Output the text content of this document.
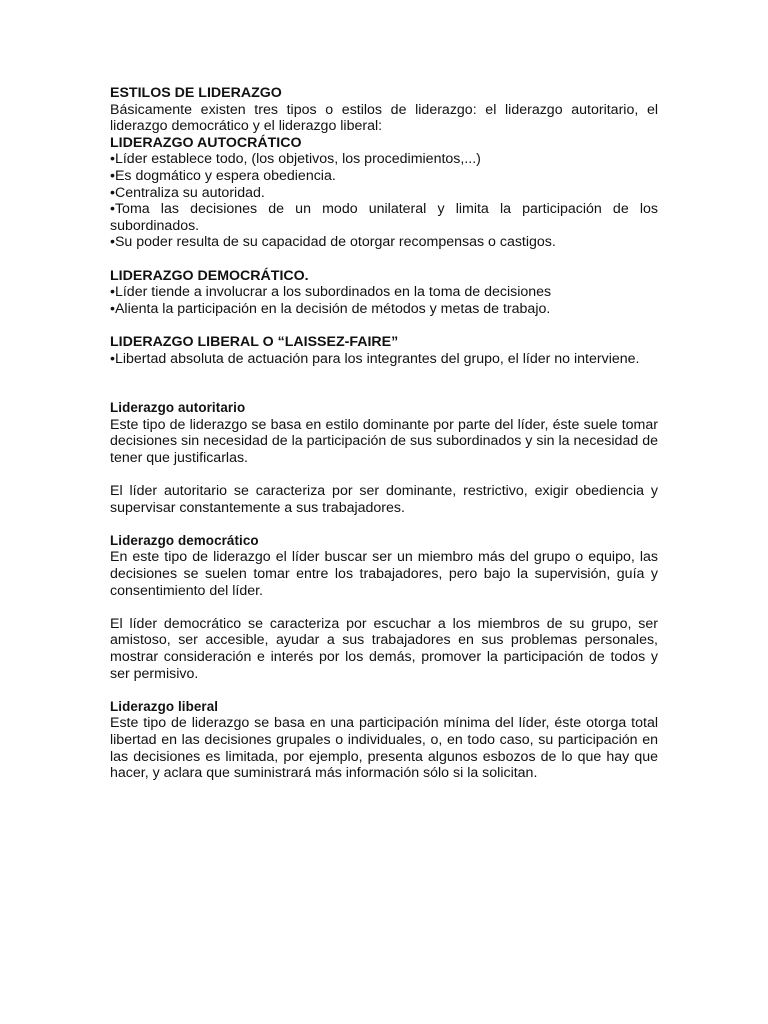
ESTILOS DE LIDERAZGO

Básicamente existen tres tipos o estilos de liderazgo: el liderazgo autoritario, el liderazgo democrático y el liderazgo liberal:

LIDERAZGO AUTOCRÁTICO

•Líder establece todo, (los objetivos, los procedimientos,...)

•Es dogmático y espera obediencia.

•Centraliza su autoridad.

•Toma las decisiones de un modo unilateral y limita la participación de los subordinados.

•Su poder resulta de su capacidad de otorgar recompensas o castigos.

LIDERAZGO DEMOCRÁTICO.

•Líder tiende a involucrar a los subordinados en la toma de decisiones

•Alienta la participación en la decisión de métodos y metas de trabajo.

LIDERAZGO LIBERAL O “LAISSEZ-FAIRE”

•Libertad absoluta de actuación para los integrantes del grupo, el líder no interviene.

Liderazgo autoritario

Este tipo de liderazgo se basa en estilo dominante por parte del líder, éste suele tomar decisiones sin necesidad de la participación de sus subordinados y sin la necesidad de tener que justificarlas.

El líder autoritario se caracteriza por ser dominante, restrictivo, exigir obediencia y supervisar constantemente a sus trabajadores.

Liderazgo democrático

En este tipo de liderazgo el líder buscar ser un miembro más del grupo o equipo, las decisiones se suelen tomar entre los trabajadores, pero bajo la supervisión, guía y consentimiento del líder.

El líder democrático se caracteriza por escuchar a los miembros de su grupo, ser amistoso, ser accesible, ayudar a sus trabajadores en sus problemas personales, mostrar consideración e interés por los demás, promover la participación de todos y ser permisivo.

Liderazgo liberal

Este tipo de liderazgo se basa en una participación mínima del líder, éste otorga total libertad en las decisiones grupales o individuales, o, en todo caso, su participación en las decisiones es limitada, por ejemplo, presenta algunos esbozos de lo que hay que hacer, y aclara que suministrará más información sólo si la solicitan.
